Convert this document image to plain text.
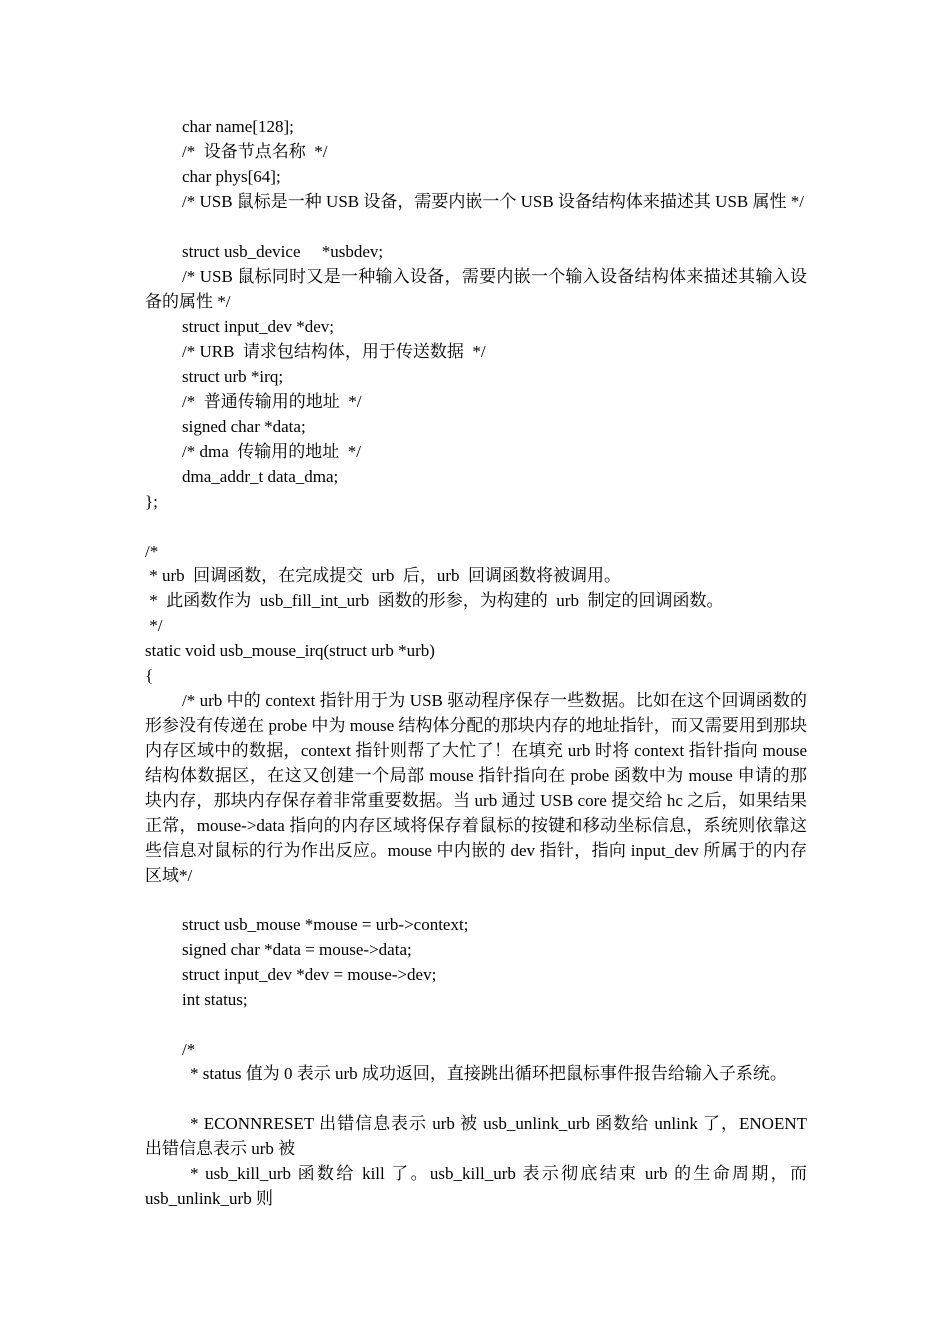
char name[128];
/*  设备节点名称  */
char phys[64];
/* USB 鼠标是一种 USB 设备，需要内嵌一个 USB 设备结构体来描述其 USB 属性 */
struct usb_device     *usbdev;
/* USB 鼠标同时又是一种输入设备，需要内嵌一个输入设备结构体来描述其输入设备的属性 */
struct input_dev *dev;
/* URB  请求包结构体，用于传送数据  */
struct urb *irq;
/*  普通传输用的地址  */
signed char *data;
/* dma  传输用的地址  */
dma_addr_t data_dma;
};
/*
* urb  回调函数，在完成提交  urb  后，urb  回调函数将被调用。
*  此函数作为  usb_fill_int_urb  函数的形参，为构建的  urb  制定的回调函数。
*/
static void usb_mouse_irq(struct urb *urb)
{
/* urb 中的 context 指针用于为 USB 驱动程序保存一些数据。比如在这个回调函数的形参没有传递在 probe 中为 mouse 结构体分配的那块内存的地址指针，而又需要用到那块内存区域中的数据，context 指针则帮了大忙了！在填充 urb 时将 context 指针指向 mouse 结构体数据区，在这又创建一个局部 mouse 指针指向在 probe 函数中为 mouse 申请的那块内存，那块内存保存着非常重要数据。当 urb 通过 USB core 提交给 hc 之后，如果结果正常，mouse->data 指向的内存区域将保存着鼠标的按键和移动坐标信息，系统则依靠这些信息对鼠标的行为作出反应。mouse 中内嵌的 dev 指针，指向 input_dev 所属于的内存区域*/
struct usb_mouse *mouse = urb->context;
signed char *data = mouse->data;
struct input_dev *dev = mouse->dev;
int status;
/*
* status 值为 0 表示 urb 成功返回，直接跳出循环把鼠标事件报告给输入子系统。
* ECONNRESET 出错信息表示 urb 被 usb_unlink_urb 函数给 unlink 了，ENOENT 出错信息表示 urb 被
* usb_kill_urb 函数给 kill 了。usb_kill_urb 表示彻底结束 urb 的生命周期，而 usb_unlink_urb 则
